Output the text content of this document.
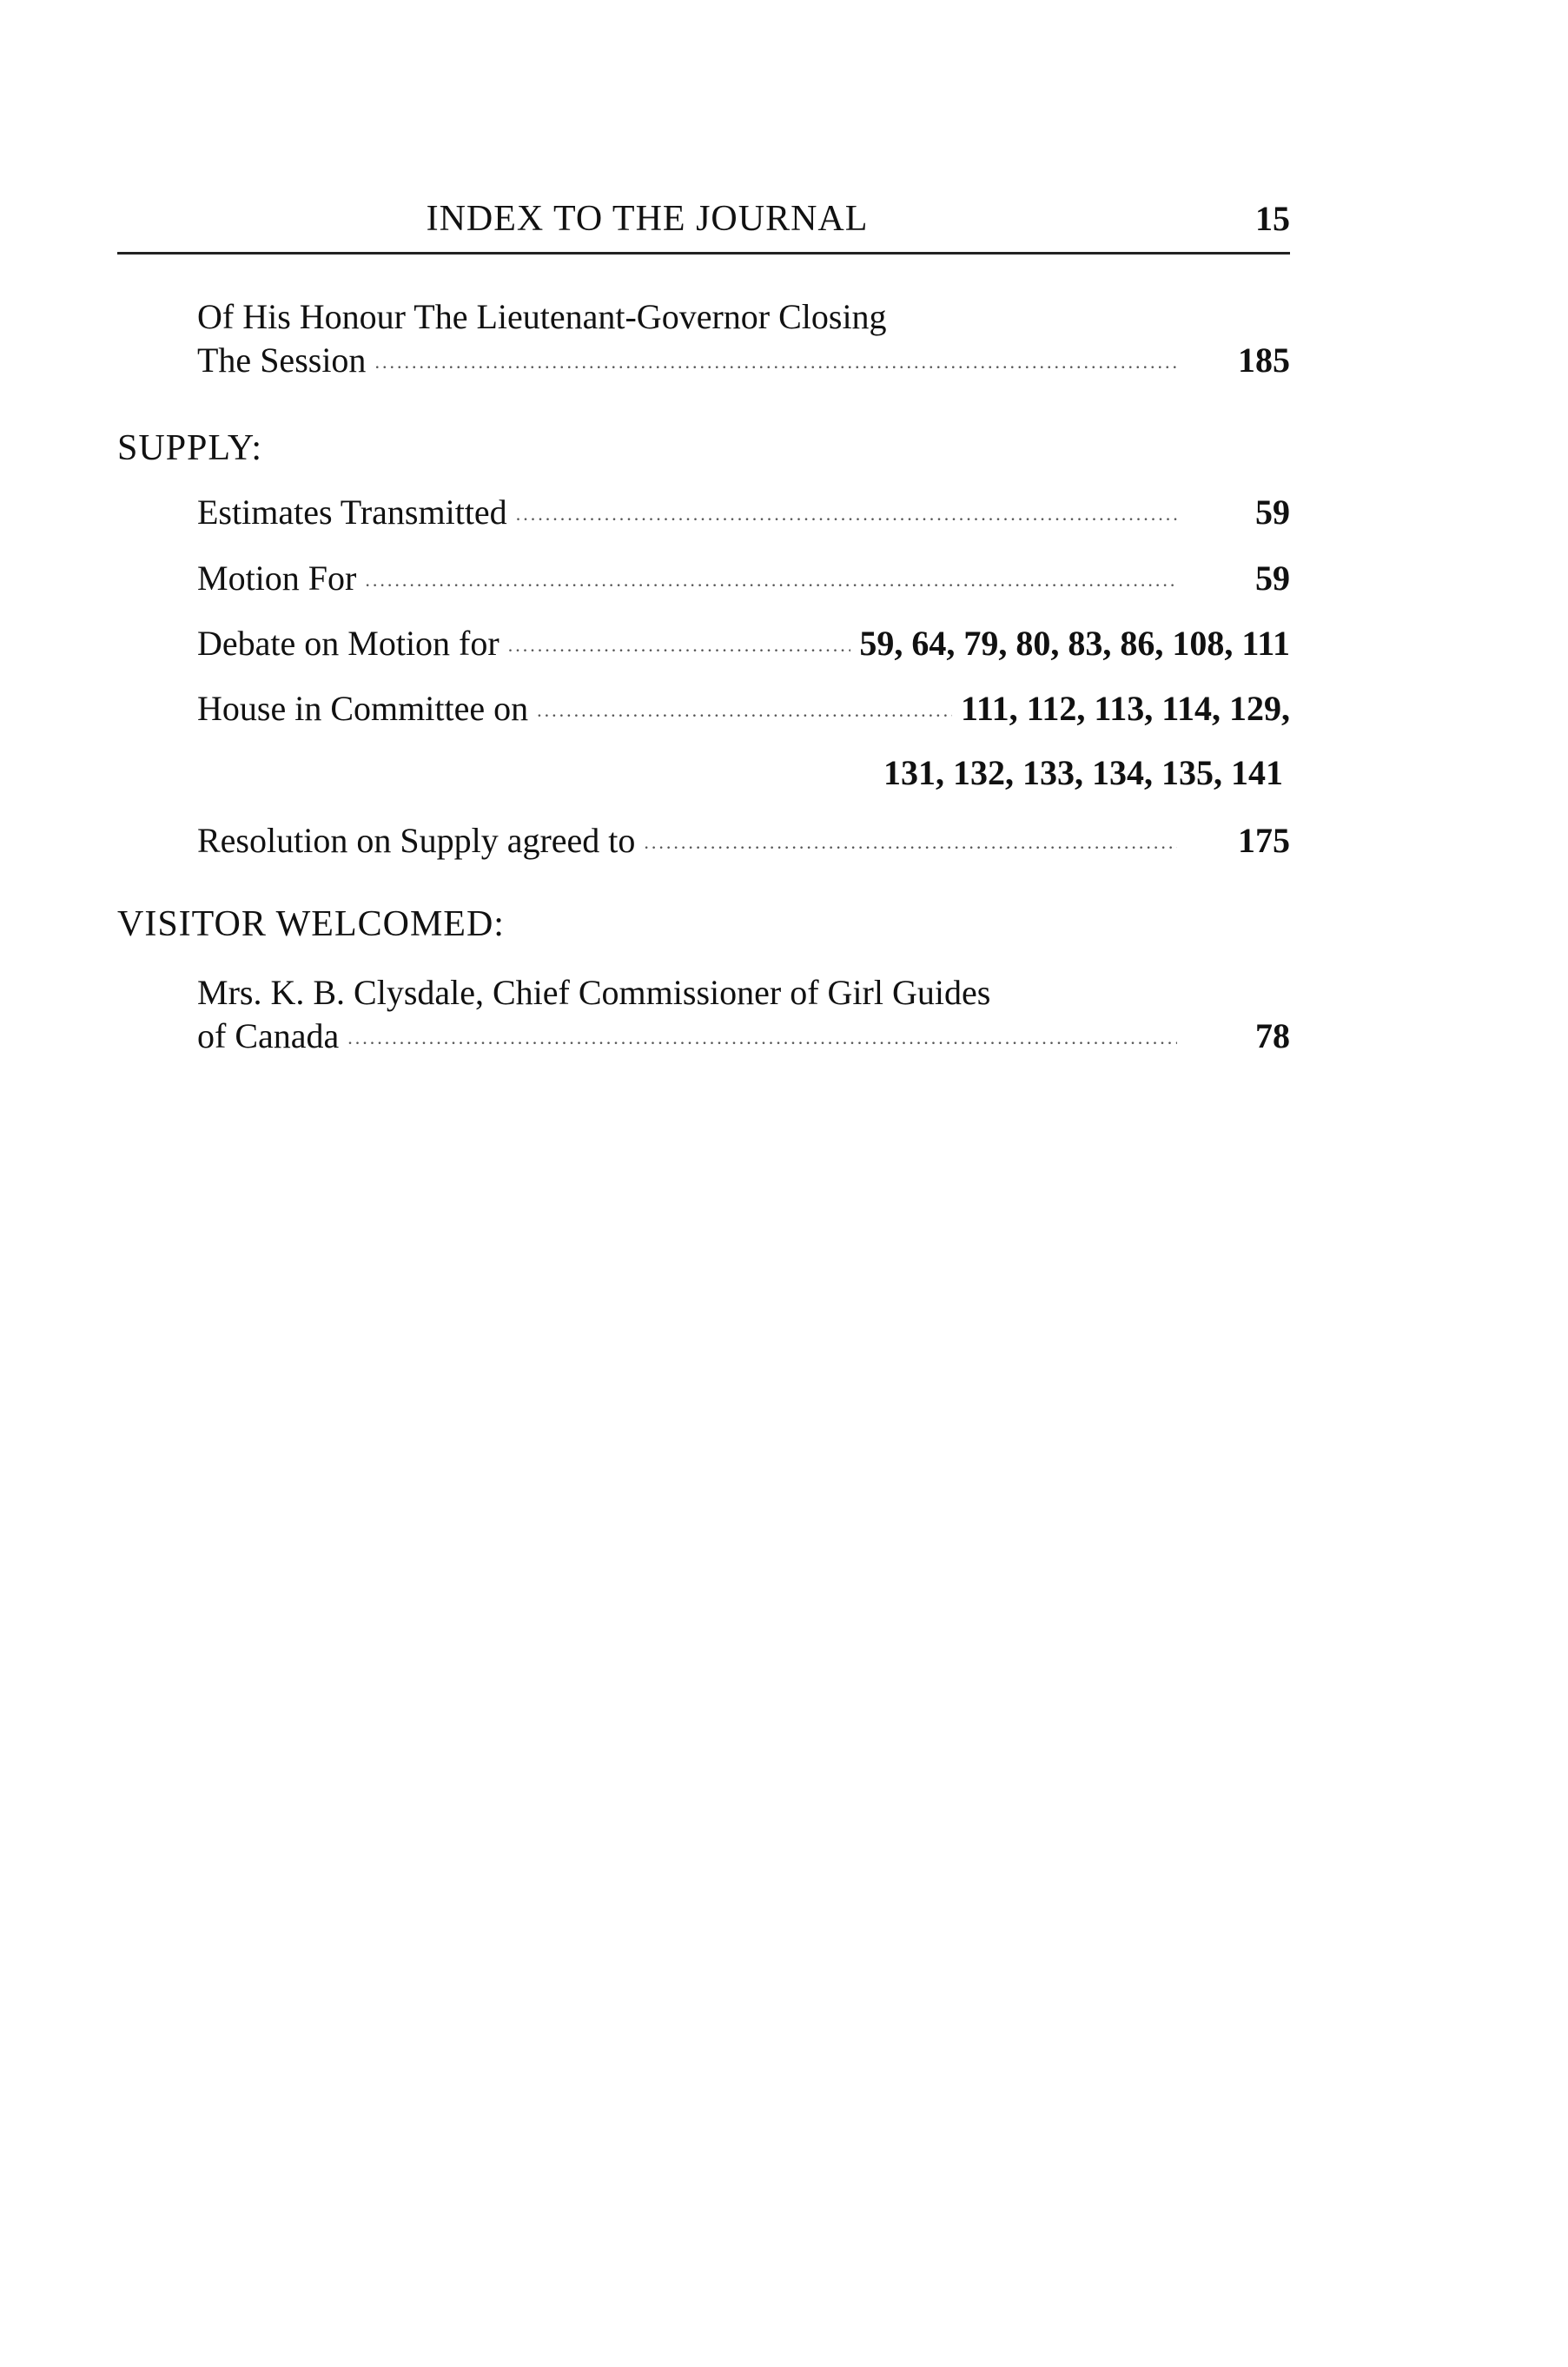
INDEX TO THE JOURNAL	15
Of His Honour The Lieutenant-Governor Closing
The Session .....	185
SUPPLY:
Estimates Transmitted .....	59
Motion For .....	59
Debate on Motion for .....	59, 64, 79, 80, 83, 86, 108, 111
House in Committee on .....	111, 112, 113, 114, 129,
131, 132, 133, 134, 135, 141
Resolution on Supply agreed to .....	175
VISITOR WELCOMED:
Mrs. K. B. Clysdale, Chief Commissioner of Girl Guides
of Canada .....	78
